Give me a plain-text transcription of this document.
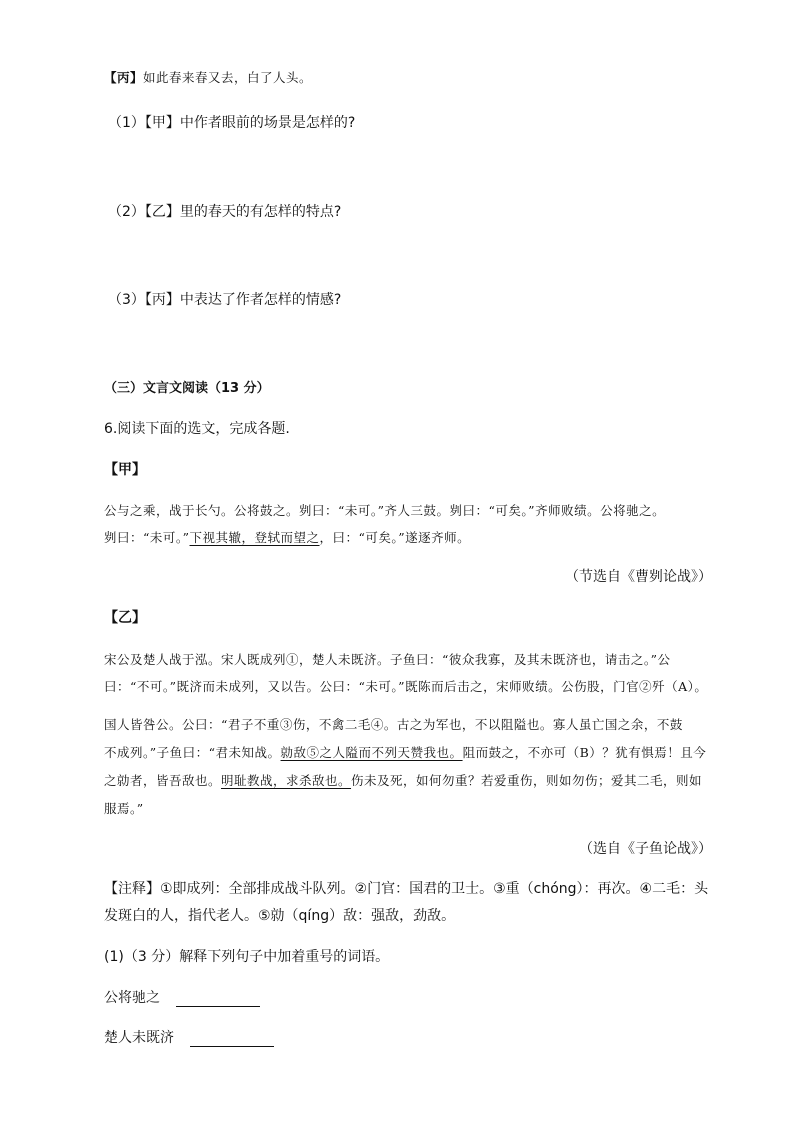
【丙】如此春来春又去，白了人头。
（1）【甲】中作者眼前的场景是怎样的?
（2）【乙】里的春天的有怎样的特点?
（3）【丙】中表达了作者怎样的情感?
（三）文言文阅读（13 分）
6.阅读下面的选文，完成各题.
【甲】
公与之乘，战于长勺。公将鼓之。刿曰：“未可。”齐人三鼓。刿曰：“可矣。”齐师败绩。公将驰之。
刿曰：“未可。”下视其辙，登轼而望之，曰：“可矣。”遂逐齐师。
（节选自《曹刿论战》）
【乙】
宋公及楚人战于泓。宋人既成列①，楚人未既济。子鱼曰：“彼众我寡，及其未既济也，请击之。”公
曰：“不可。”既济而未成列，又以告。公曰：“未可。”既陈而后击之，宋师败绩。公伤股，门官②歼（A）。
国人皆咎公。公曰：“君子不重③伤，不禽二毛④。古之为军也，不以阻隘也。寡人虽亡国之余，不鼓
不成列。”子鱼曰：“君未知战。勍敌⑤之人隘而不列天赞我也。阻而鼓之，不亦可（B）？犹有惧焉！且今
之勍者，皆吾敌也。明耻教战，求杀敌也。伤未及死，如何勿重？若爱重伤，则如勿伤；爱其二毛，则如
服焉。”
（选自《子鱼论战》）
【注释】①即成列：全部排成战斗队列。②门官：国君的卫士。③重（chóng）：再次。④二毛：头
发斑白的人，指代老人。⑤勍（qíng）敌：强敌，劲敌。
(1)（3 分）解释下列句子中加着重号的词语。
公将驰之
楚人未既济
